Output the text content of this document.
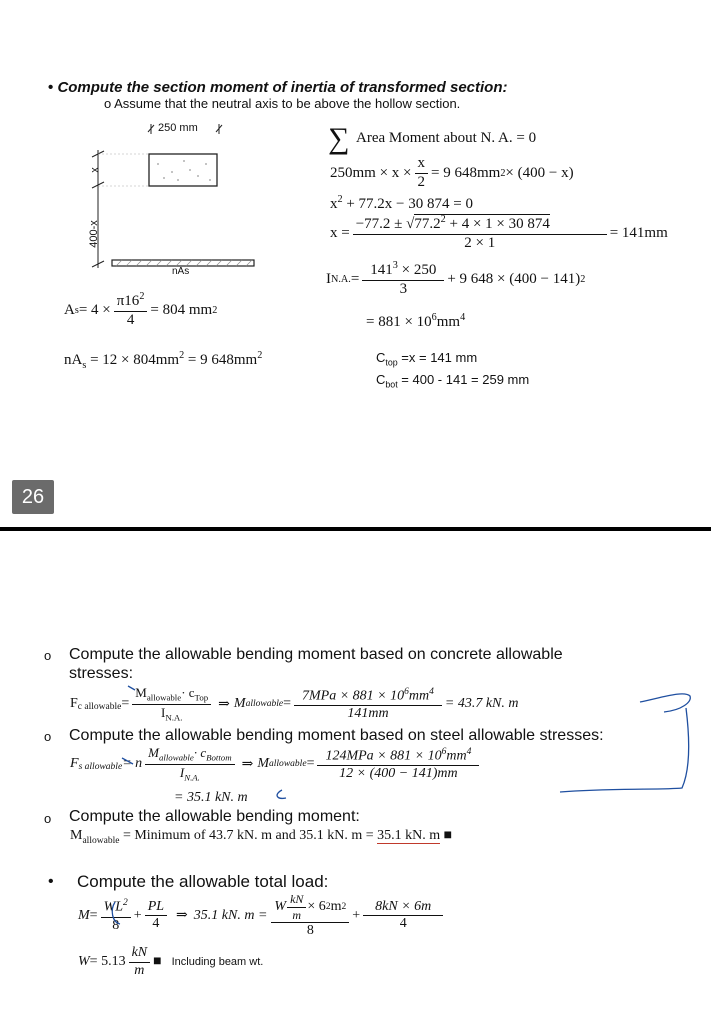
• Compute the section moment of inertia of transformed section:
o Assume that the neutral axis to be above the hollow section.
250 mm
x
400-x
nAs
A $s = 4 \times \frac{\pi 16^2}{4} = 804$ mm 2
$nA_s = 12 \times 804mm^2 = 9$ $648mm^2$
∑ Area Moment about N. A. = 0
$250mm \times x \times \frac{x}{2} = 9$ 648mm 2 × (400 − x)
$x^2 + 77.2x - 30$ 874 = 0
$x = \frac{-77.2 \pm √77.2^2 + 4 \times 1 \times 30 874}{2 \times 1} = 141mm$
I N.A. = $\frac{141^3 \times 250}{3} + 9$ 648 × (400 − 141) 2
= $881 \times 10^6mm^4$
$C_{top} =x = 141$ mm
$C_{bot} = 400 - 141 = 259$ mm
26
o Compute the allowable bending moment based on concrete allowable
stresses:
$F_{c allowable} = \frac{M_{allowable}\cdot c_{Top}}{I_{N.A.}}$ ⇒ M allowable = $\frac{7MPa \times 881 \times 10^6mm^4}{141mm} = 43.7$ kN. m
o Compute the allowable bending moment based on steel allowable stresses:
$F_{s allowable} = n \frac{M_{allowable}\cdot c_{Bottom}}{I_{N.A.}}$ ⇒ M allowable = $\frac{124MPa \times 881 \times 10^6mm^4}{12 \times (400 - 141)mm}$
= 35.1 kN. m
o Compute the allowable bending moment:
$M_{allowable}$ = Minimum of 43.7 kN. m and 35.1 kN. m = 35.1 kN. m ■
• Compute the allowable total load:
$M = \frac{WL^2}{8} + \frac{PL}{4}$ ⇒ 35.1 kN. $m = \frac{W \frac{kN}{m} \times 6 2 m 2}{8} + \frac{8kN \times 6m}{4}$
$W = 5.13 \frac{kN}{m}$ ■ Including beam wt.
